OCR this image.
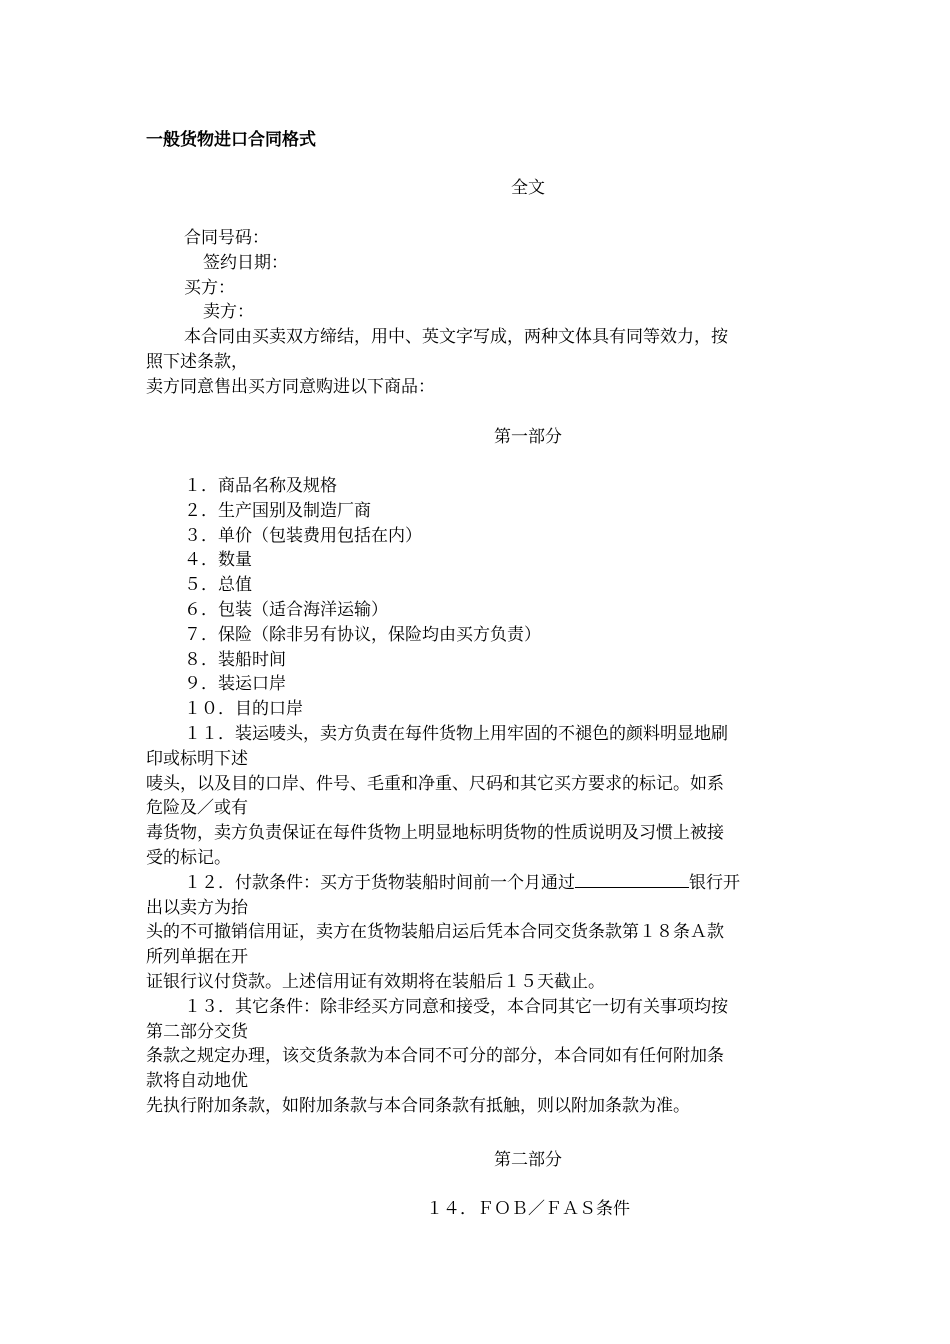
一般货物进口合同格式

全文

合同号码：

签约日期：

买方：

卖方：

本合同由买卖双方缔结，用中、英文字写成，两种文体具有同等效力，按

照下述条款，

卖方同意售出买方同意购进以下商品：

第一部分

１．商品名称及规格

２．生产国别及制造厂商

３．单价（包装费用包括在内）

４．数量

５．总值

６．包装（适合海洋运输）

７．保险（除非另有协议，保险均由买方负责）

８．装船时间

９．装运口岸

１０．目的口岸

１１．装运唛头，卖方负责在每件货物上用牢固的不褪色的颜料明显地刷

印或标明下述

唛头，以及目的口岸、件号、毛重和净重、尺码和其它买方要求的标记。如系

危险及／或有

毒货物，卖方负责保证在每件货物上明显地标明货物的性质说明及习惯上被接

受的标记。

１２．付款条件：买方于货物装船时间前一个月通过	银行开

出以卖方为抬

头的不可撤销信用证，卖方在货物装船启运后凭本合同交货条款第１８条Ａ款

所列单据在开

证银行议付贷款。上述信用证有效期将在装船后１５天截止。

１３．其它条件：除非经买方同意和接受，本合同其它一切有关事项均按

第二部分交货

条款之规定办理，该交货条款为本合同不可分的部分，本合同如有任何附加条

款将自动地优

先执行附加条款，如附加条款与本合同条款有抵触，则以附加条款为准。

第二部分

１４．ＦＯＢ／ＦＡＳ条件
